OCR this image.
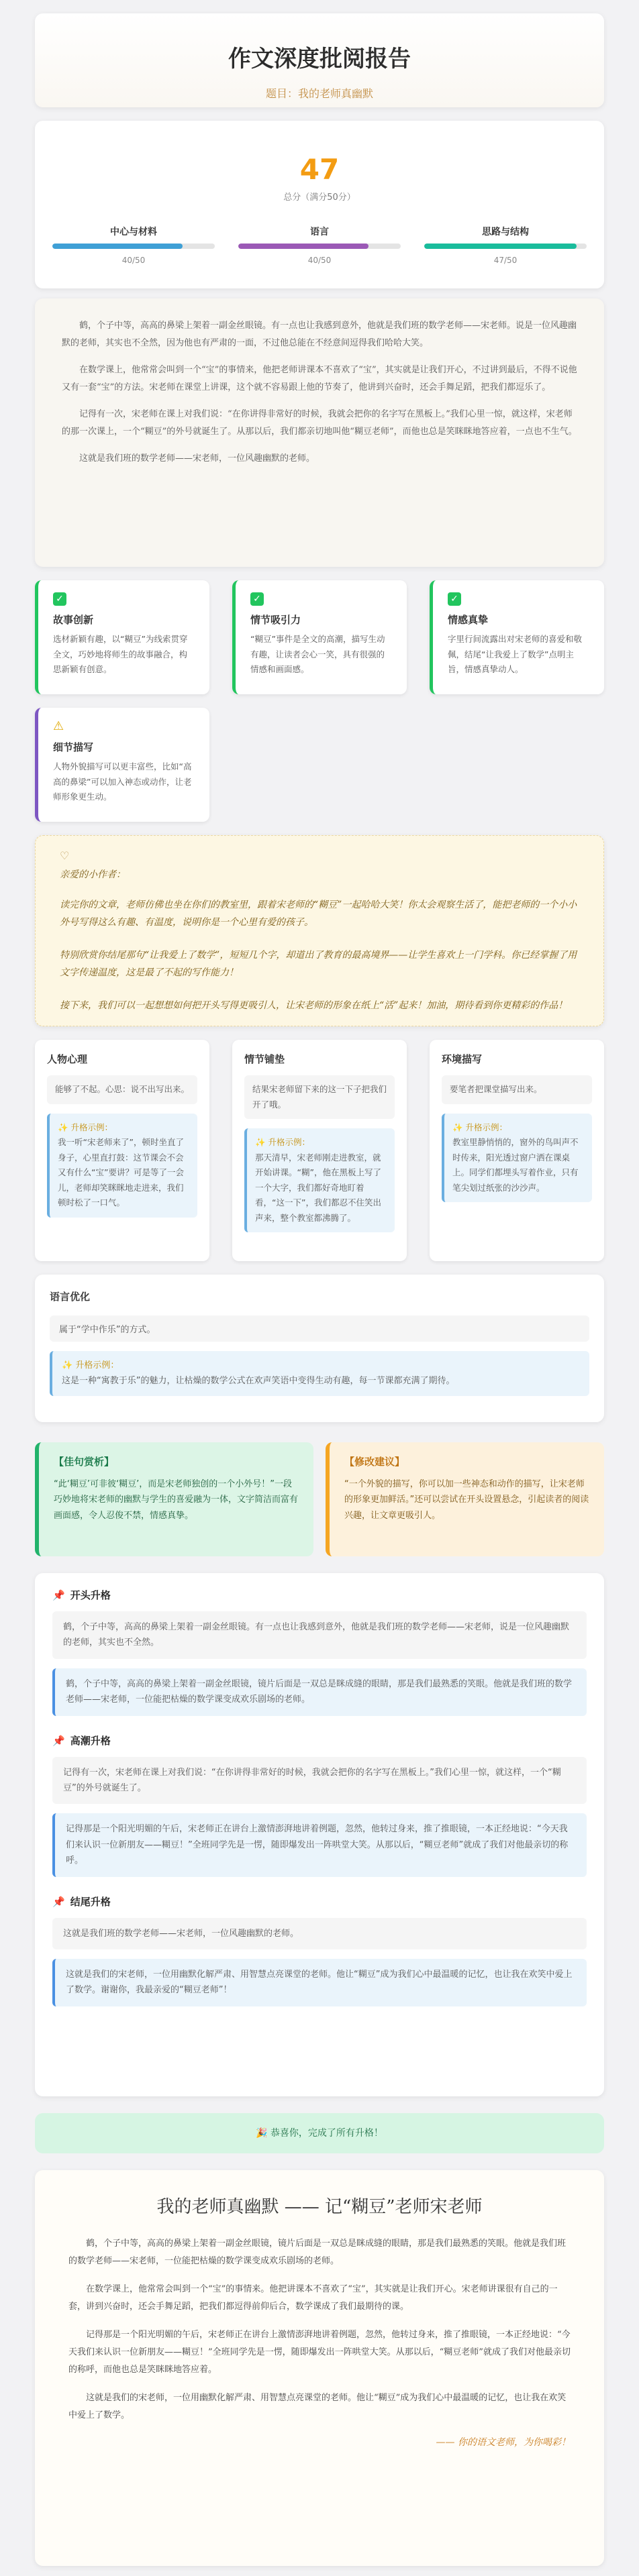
作文深度批阅报告
题目：我的老师真幽默
47
总分（满分50分）
中心与材料
40/50
语言
40/50
思路与结构
47/50

鹤，个子中等，高高的鼻梁上架着一副金丝眼镜。有一点也让我感到意外，他就是我们班的数学老师——宋老师。说是一位风趣幽默的老师，其实也不全然，因为他也有严肃的一面，不过他总能在不经意间逗得我们哈哈大笑。

在数学课上，他常常会叫到一个“宝”的事情来，他把老师讲课本不喜欢了“宝”，其实就是让我们开心，不过讲到最后，不得不说他又有一套“宝”的方法。宋老师在课堂上讲课，这个就不容易跟上他的节奏了，他讲到兴奋时，还会手舞足蹈，把我们都逗乐了。

记得有一次，宋老师在课上对我们说：“在你讲得非常好的时候，我就会把你的名字写在黑板上。”我们心里一惊，就这样，宋老师的那一次课上，一个“糊豆”的外号就诞生了。从那以后，我们都亲切地叫他“糊豆老师”，而他也总是笑眯眯地答应着，一点也不生气。

这就是我们班的数学老师——宋老师，一位风趣幽默的老师。

✓
故事创新

选材新颖有趣，以“糊豆”为线索贯穿全文，巧妙地将师生的故事融合，构思新颖有创意。

✓
情节吸引力

“糊豆”事件是全文的高潮，描写生动有趣，让读者会心一笑，具有很强的情感和画面感。

✓
情感真挚

字里行间流露出对宋老师的喜爱和敬佩，结尾“让我爱上了数学”点明主旨，情感真挚动人。

⚠
细节描写

人物外貌描写可以更丰富些，比如“高高的鼻梁”可以加入神态或动作，让老师形象更生动。

♡

亲爱的小作者：

读完你的文章，老师仿佛也坐在你们的教室里，跟着宋老师的“糊豆”一起哈哈大笑！你太会观察生活了，能把老师的一个小小外号写得这么有趣、有温度，说明你是一个心里有爱的孩子。

特别欣赏你结尾那句“让我爱上了数学”，短短几个字，却道出了教育的最高境界——让学生喜欢上一门学科。你已经掌握了用文字传递温度，这是最了不起的写作能力！

接下来，我们可以一起想想如何把开头写得更吸引人，让宋老师的形象在纸上“活”起来！加油，期待看到你更精彩的作品！

人物心理
能够了不起。心思：说不出写出来。
✨ 升格示例：
我一听“宋老师来了”，顿时坐直了身子，心里直打鼓：这节课会不会又有什么“宝”要讲？可是等了一会儿，老师却笑眯眯地走进来，我们顿时松了一口气。
情节铺垫
结果宋老师留下来的这一下子把我们开了哦。
✨ 升格示例：
那天清早，宋老师刚走进教室，就开始讲课。“糊”，他在黑板上写了一个大字，我们都好奇地盯着看，“这一下”，我们都忍不住笑出声来，整个教室都沸腾了。
环境描写
要笔者把课堂描写出来。
✨ 升格示例：
教室里静悄悄的，窗外的鸟叫声不时传来，阳光透过窗户洒在课桌上。同学们都埋头写着作业，只有笔尖划过纸张的沙沙声。
语言优化
属于“学中作乐”的方式。
✨ 升格示例：
这是一种“寓教于乐”的魅力，让枯燥的数学公式在欢声笑语中变得生动有趣，每一节课都充满了期待。
【佳句赏析】

“此‘糊豆’可非彼‘糊豆’，而是宋老师独创的一个小外号！”一段巧妙地将宋老师的幽默与学生的喜爱融为一体，文字简洁而富有画面感，令人忍俊不禁，情感真挚。

【修改建议】

“一个外貌的描写，你可以加一些神态和动作的描写，让宋老师的形象更加鲜活。”还可以尝试在开头设置悬念，引起读者的阅读兴趣，让文章更吸引人。

📌 开头升格
鹤，个子中等，高高的鼻梁上架着一副金丝眼镜。有一点也让我感到意外，他就是我们班的数学老师——宋老师，说是一位风趣幽默的老师，其实也不全然。
鹤，个子中等，高高的鼻梁上架着一副金丝眼镜，镜片后面是一双总是眯成缝的眼睛，那是我们最熟悉的笑眼。他就是我们班的数学老师——宋老师，一位能把枯燥的数学课变成欢乐剧场的老师。
📌 高潮升格
记得有一次，宋老师在课上对我们说：“在你讲得非常好的时候，我就会把你的名字写在黑板上。”我们心里一惊，就这样，一个“糊豆”的外号就诞生了。
记得那是一个阳光明媚的午后，宋老师正在讲台上激情澎湃地讲着例题，忽然，他转过身来，推了推眼镜，一本正经地说：“今天我们来认识一位新朋友——糊豆！”全班同学先是一愣，随即爆发出一阵哄堂大笑。从那以后，“糊豆老师”就成了我们对他最亲切的称呼。
📌 结尾升格
这就是我们班的数学老师——宋老师，一位风趣幽默的老师。
这就是我们的宋老师，一位用幽默化解严肃、用智慧点亮课堂的老师。他让“糊豆”成为我们心中最温暖的记忆，也让我在欢笑中爱上了数学。谢谢你，我最亲爱的“糊豆老师”！
🎉 恭喜你，完成了所有升格！
我的老师真幽默 —— 记“糊豆”老师宋老师

鹤，个子中等，高高的鼻梁上架着一副金丝眼镜，镜片后面是一双总是眯成缝的眼睛，那是我们最熟悉的笑眼。他就是我们班的数学老师——宋老师，一位能把枯燥的数学课变成欢乐剧场的老师。

在数学课上，他常常会叫到一个“宝”的事情来。他把讲课本不喜欢了“宝”，其实就是让我们开心。宋老师讲课很有自己的一套，讲到兴奋时，还会手舞足蹈，把我们都逗得前仰后合，数学课成了我们最期待的课。

记得那是一个阳光明媚的午后，宋老师正在讲台上激情澎湃地讲着例题，忽然，他转过身来，推了推眼镜，一本正经地说：“今天我们来认识一位新朋友——糊豆！”全班同学先是一愣，随即爆发出一阵哄堂大笑。从那以后，“糊豆老师”就成了我们对他最亲切的称呼，而他也总是笑眯眯地答应着。

这就是我们的宋老师，一位用幽默化解严肃、用智慧点亮课堂的老师。他让“糊豆”成为我们心中最温暖的记忆，也让我在欢笑中爱上了数学。

—— 你的语文老师，为你喝彩！
